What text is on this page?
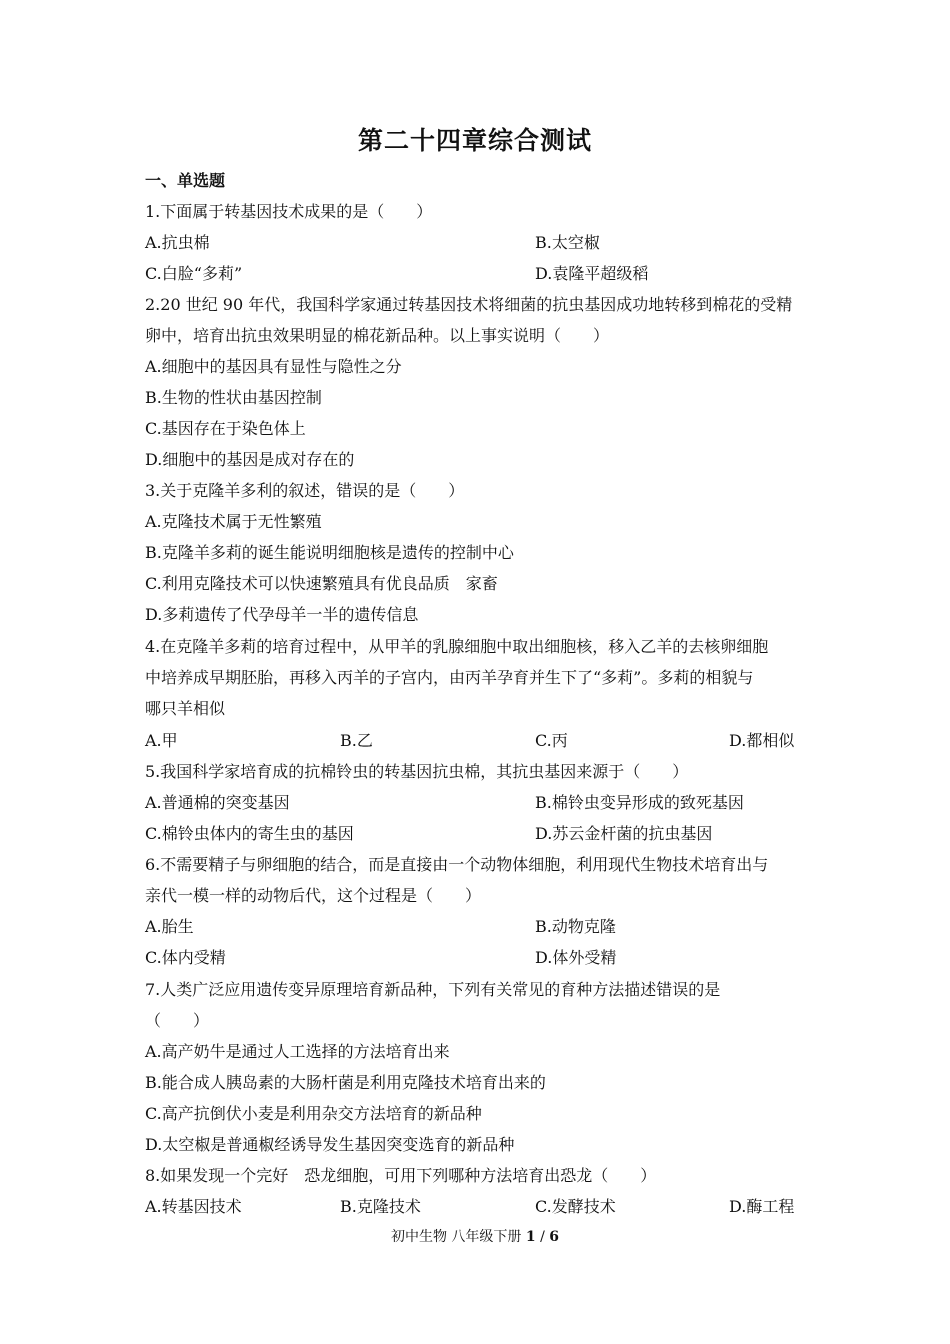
第二十四章综合测试
一、单选题
1.下面属于转基因技术成果的是（　　）
A.抗虫棉	B.太空椒
C.白脸“多莉”	D.袁隆平超级稻
2.20 世纪 90 年代，我国科学家通过转基因技术将细菌的抗虫基因成功地转移到棉花的受精
卵中，培育出抗虫效果明显的棉花新品种。以上事实说明（　　）
A.细胞中的基因具有显性与隐性之分
B.生物的性状由基因控制
C.基因存在于染色体上
D.细胞中的基因是成对存在的
3.关于克隆羊多利的叙述，错误的是（　　）
A.克隆技术属于无性繁殖
B.克隆羊多莉的诞生能说明细胞核是遗传的控制中心
C.利用克隆技术可以快速繁殖具有优良品质　家畜
D.多莉遗传了代孕母羊一半的遗传信息
4.在克隆羊多莉的培育过程中，从甲羊的乳腺细胞中取出细胞核，移入乙羊的去核卵细胞
中培养成早期胚胎，再移入丙羊的子宫内，由丙羊孕育并生下了“多莉”。多莉的相貌与
哪只羊相似
A.甲	B.乙	C.丙	D.都相似
5.我国科学家培育成的抗棉铃虫的转基因抗虫棉，其抗虫基因来源于（　　）
A.普通棉的突变基因	B.棉铃虫变异形成的致死基因
C.棉铃虫体内的寄生虫的基因	D.苏云金杆菌的抗虫基因
6.不需要精子与卵细胞的结合，而是直接由一个动物体细胞，利用现代生物技术培育出与
亲代一模一样的动物后代，这个过程是（　　）
A.胎生	B.动物克隆
C.体内受精	D.体外受精
7.人类广泛应用遗传变异原理培育新品种，下列有关常见的育种方法描述错误的是
（　　）
A.高产奶牛是通过人工选择的方法培育出来
B.能合成人胰岛素的大肠杆菌是利用克隆技术培育出来的
C.高产抗倒伏小麦是利用杂交方法培育的新品种
D.太空椒是普通椒经诱导发生基因突变选育的新品种
8.如果发现一个完好　恐龙细胞，可用下列哪种方法培育出恐龙（　　）
A.转基因技术	B.克隆技术	C.发酵技术	D.酶工程
初中生物 八年级下册 1 / 6
